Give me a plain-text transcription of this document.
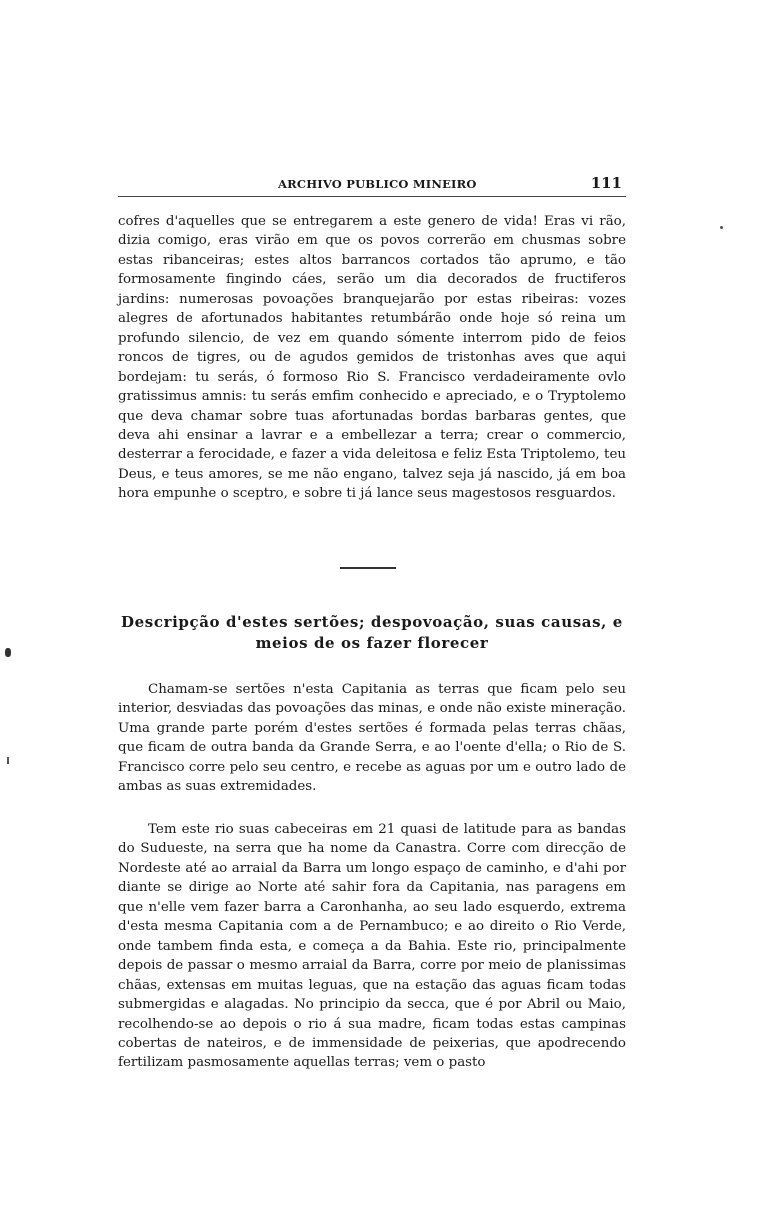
ARCHIVO PUBLICO MINEIRO	111

cofres d'aquelles que se entregarem a este genero de vida! Eras vi rão, dizia comigo, eras virão em que os povos correrão em chusmas sobre estas ribanceiras; estes altos barrancos cortados tão aprumo, e tão formosamente fingindo cáes, serão um dia decorados de fructiferos jardins: numerosas povoações branquejarão por estas ribeiras: vozes alegres de afortunados habitantes retumbárão onde hoje só reina um profundo silencio, de vez em quando sómente interrom pido de feios roncos de tigres, ou de agudos gemidos de tristonhas aves que aqui bordejam: tu serás, ó formoso Rio S. Francisco verdadeiramente ovlo gratissimus amnis: tu serás emfim conhecido e apreciado, e o Tryptolemo que deva chamar sobre tuas afortunadas bordas barbaras gentes, que deva ahi ensinar a lavrar e a embellezar a terra; crear o commercio, desterrar a ferocidade, e fazer a vida deleitosa e feliz Esta Triptolemo, teu Deus, e teus amores, se me não engano, talvez seja já nascido, já em boa hora empunhe o sceptro, e sobre ti já lance seus magestosos resguardos.

Descripção d'estes sertões; despovoação, suas causas, e meios de os fazer florecer

Chamam-se sertões n'esta Capitania as terras que ficam pelo seu interior, desviadas das povoações das minas, e onde não existe mineração. Uma grande parte porém d'estes sertões é formada pelas terras chãas, que ficam de outra banda da Grande Serra, e ao l'oente d'ella; o Rio de S. Francisco corre pelo seu centro, e recebe as aguas por um e outro lado de ambas as suas extremidades.

Tem este rio suas cabeceiras em 21 quasi de latitude para as bandas do Sudueste, na serra que ha nome da Canastra. Corre com direcção de Nordeste até ao arraial da Barra um longo espaço de caminho, e d'ahi por diante se dirige ao Norte até sahir fora da Capitania, nas paragens em que n'elle vem fazer barra a Caronhanha, ao seu lado esquerdo, extrema d'esta mesma Capitania com a de Pernambuco; e ao direito o Rio Verde, onde tambem finda esta, e começa a da Bahia. Este rio, principalmente depois de passar o mesmo arraial da Barra, corre por meio de planissimas chãas, extensas em muitas leguas, que na estação das aguas ficam todas submergidas e alagadas. No principio da secca, que é por Abril ou Maio, recolhendo-se ao depois o rio á sua madre, ficam todas estas campinas cobertas de nateiros, e de immensidade de peixerias, que apodrecendo fertilizam pasmosamente aquellas terras; vem o pasto
